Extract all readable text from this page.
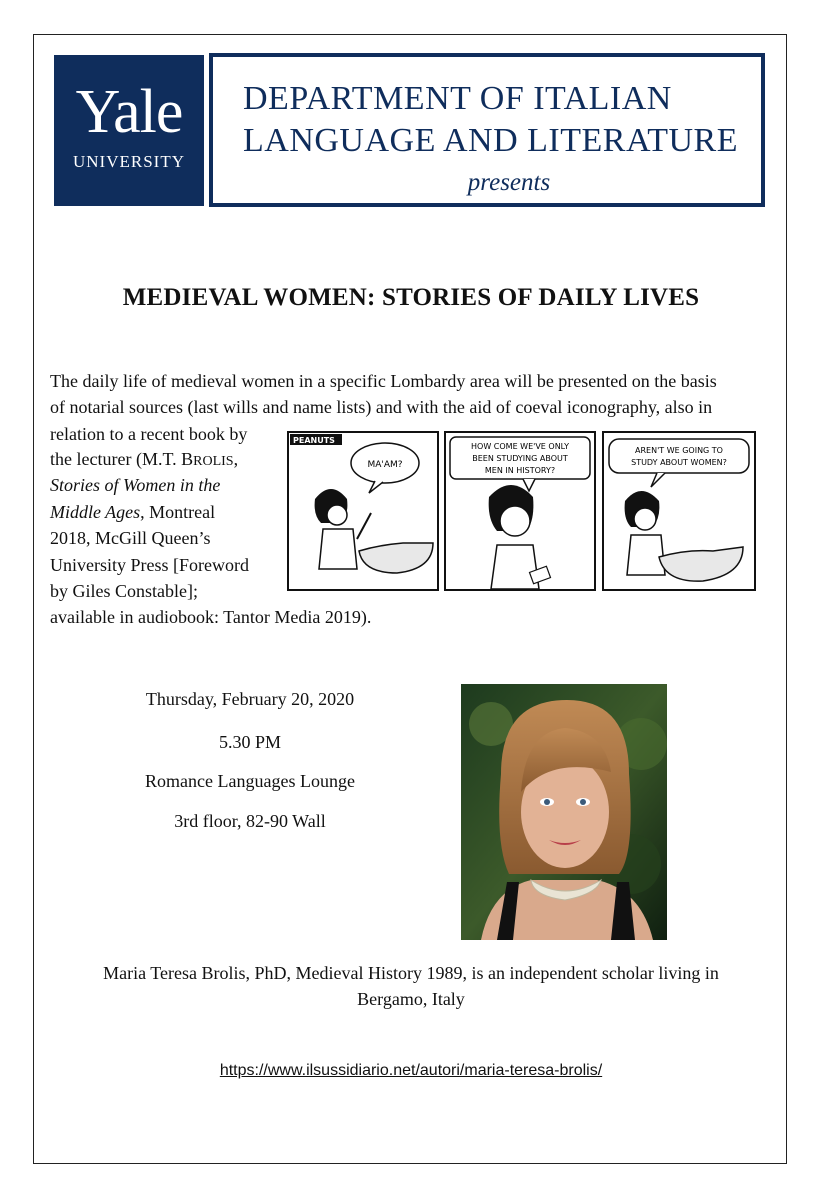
Yale
UNIVERSITY
DEPARTMENT OF ITALIAN
LANGUAGE AND LITERATURE
presents
MEDIEVAL WOMEN: STORIES OF DAILY LIVES
The daily life of medieval women in a specific Lombardy area will be presented on the basis
of notarial sources (last wills and name lists) and with the aid of coeval iconography, also in
relation to a recent book by
the lecturer (M.T. BROLIS,
Stories of Women in the
Middle Ages, Montreal
2018, McGill Queen’s
University Press [Foreword
by Giles Constable];
available in audiobook: Tantor Media 2019).
PEANUTS
MA'AM?
HOW COME WE'VE ONLY
BEEN STUDYING ABOUT
MEN IN HISTORY?
AREN'T WE GOING TO
STUDY ABOUT WOMEN?
Thursday, February 20, 2020
5.30 PM
Romance Languages Lounge
3rd floor, 82-90 Wall
Maria Teresa Brolis, PhD, Medieval History 1989, is an independent scholar living in
Bergamo, Italy
https://www.ilsussidiario.net/autori/maria-teresa-brolis/
